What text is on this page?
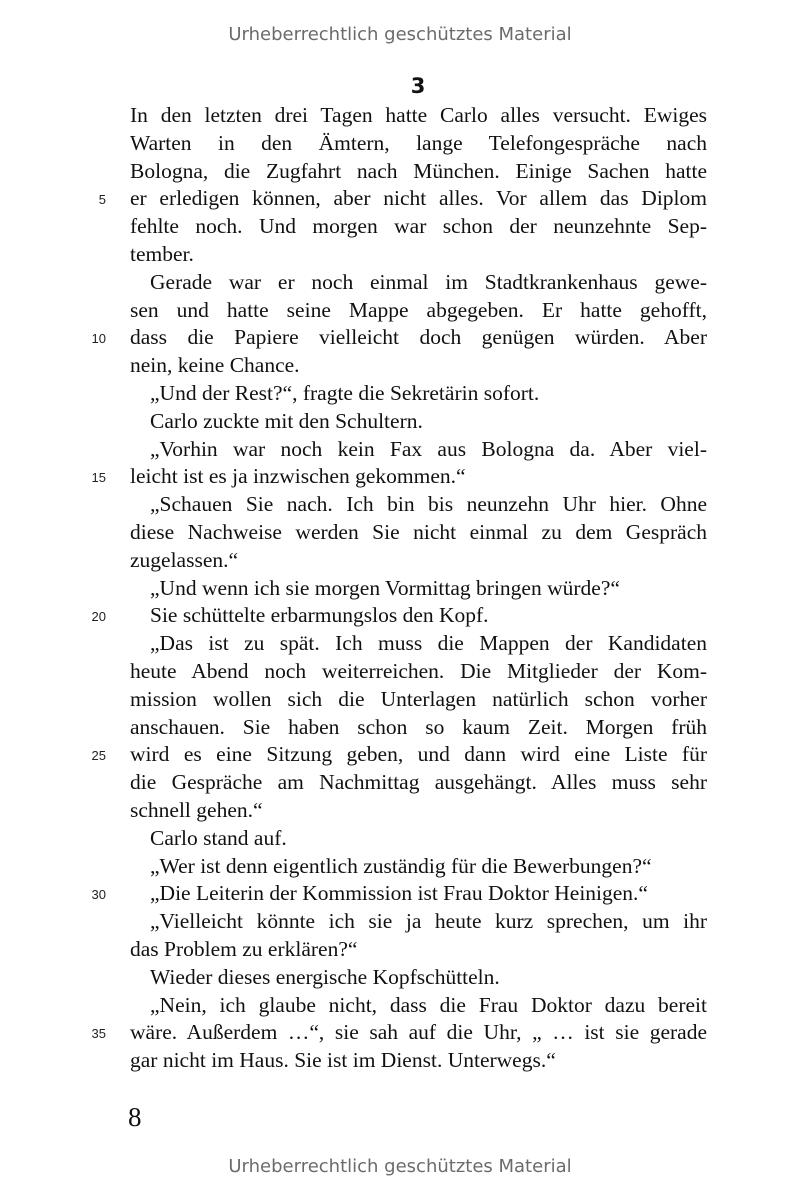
Urheberrechtlich geschütztes Material
3
In den letzten drei Tagen hatte Carlo alles versucht. Ewiges
Warten in den Ämtern, lange Telefongespräche nach
Bologna, die Zugfahrt nach München. Einige Sachen hatte
5 er erledigen können, aber nicht alles. Vor allem das Diplom
fehlte noch. Und morgen war schon der neunzehnte Sep-
tember.
Gerade war er noch einmal im Stadtkrankenhaus gewe-
sen und hatte seine Mappe abgegeben. Er hatte gehofft,
10 dass die Papiere vielleicht doch genügen würden. Aber
nein, keine Chance.
„Und der Rest?“, fragte die Sekretärin sofort.
Carlo zuckte mit den Schultern.
„Vorhin war noch kein Fax aus Bologna da. Aber viel-
15 leicht ist es ja inzwischen gekommen.“
„Schauen Sie nach. Ich bin bis neunzehn Uhr hier. Ohne
diese Nachweise werden Sie nicht einmal zu dem Gespräch
zugelassen.“
„Und wenn ich sie morgen Vormittag bringen würde?“
20 Sie schüttelte erbarmungslos den Kopf.
„Das ist zu spät. Ich muss die Mappen der Kandidaten
heute Abend noch weiterreichen. Die Mitglieder der Kom-
mission wollen sich die Unterlagen natürlich schon vorher
anschauen. Sie haben schon so kaum Zeit. Morgen früh
25 wird es eine Sitzung geben, und dann wird eine Liste für
die Gespräche am Nachmittag ausgehängt. Alles muss sehr
schnell gehen.“
Carlo stand auf.
„Wer ist denn eigentlich zuständig für die Bewerbungen?“
30 „Die Leiterin der Kommission ist Frau Doktor Heinigen.“
„Vielleicht könnte ich sie ja heute kurz sprechen, um ihr
das Problem zu erklären?“
Wieder dieses energische Kopfschütteln.
„Nein, ich glaube nicht, dass die Frau Doktor dazu bereit
35 wäre. Außerdem …“, sie sah auf die Uhr, „ … ist sie gerade
gar nicht im Haus. Sie ist im Dienst. Unterwegs.“
8
Urheberrechtlich geschütztes Material
